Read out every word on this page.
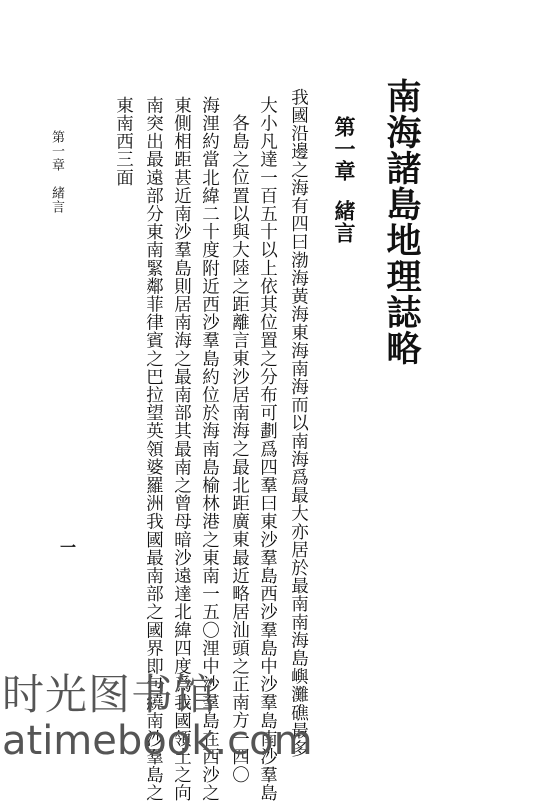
南海諸島地理誌略
第一章緒言
我國沿邊之海有四曰渤海黃海東海南海而以南海爲最大亦居於最南南海島嶼灘礁最多
大小凡達一百五十以上依其位置之分布可劃爲四羣曰東沙羣島西沙羣島中沙羣島南沙羣島
各島之位置以與大陸之距離言東沙居南海之最北距廣東最近略居汕頭之正南方一四〇
海浬約當北緯二十度附近西沙羣島約位於海南島榆林港之東南一五〇浬中沙羣島在西沙之
東側相距甚近南沙羣島則居南海之最南部其最南之曾母暗沙遠達北緯四度爲我國領土之向
南突出最遠部分東南緊鄰菲律賓之巴拉望英領婆羅洲我國最南部之國界即包繞南沙羣島之
東南西三面
第一章　緒言
一
时光图书馆
atimebook.com
